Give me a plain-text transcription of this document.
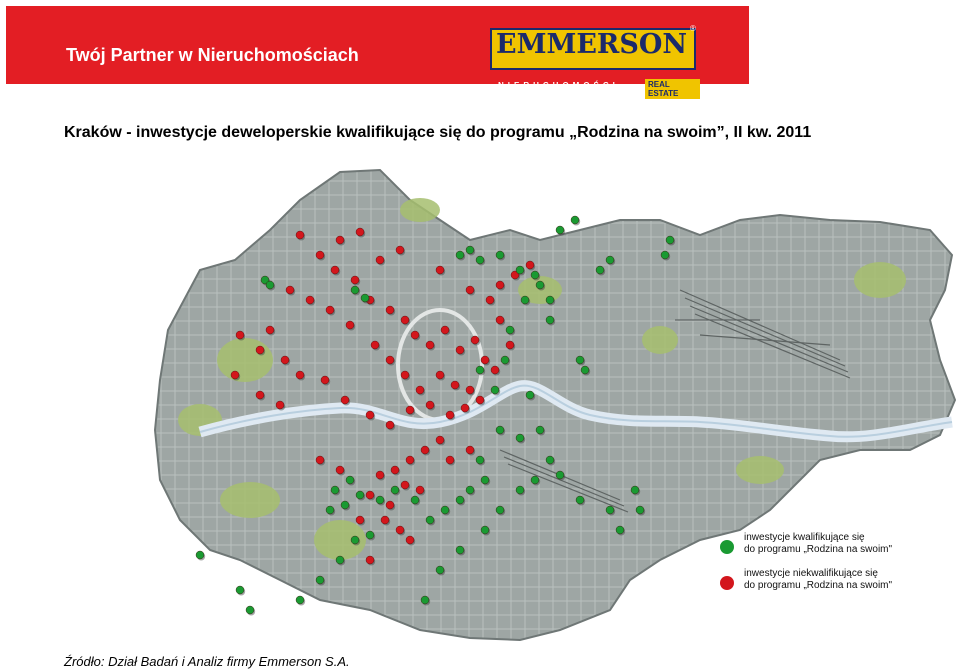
Twój Partner w Nieruchomościach	EMMERSON
®
NIERUCHOMOŚCI	REAL ESTATE
Kraków - inwestycje deweloperskie kwalifikujące się do programu „Rodzina na swoim”, II kw. 2011
inwestycje kwalifikujące się
do programu „Rodzina na swoim"
inwestycje niekwalifikujące się
do programu „Rodzina na swoim"
Źródło: Dział Badań i Analiz firmy Emmerson S.A.
